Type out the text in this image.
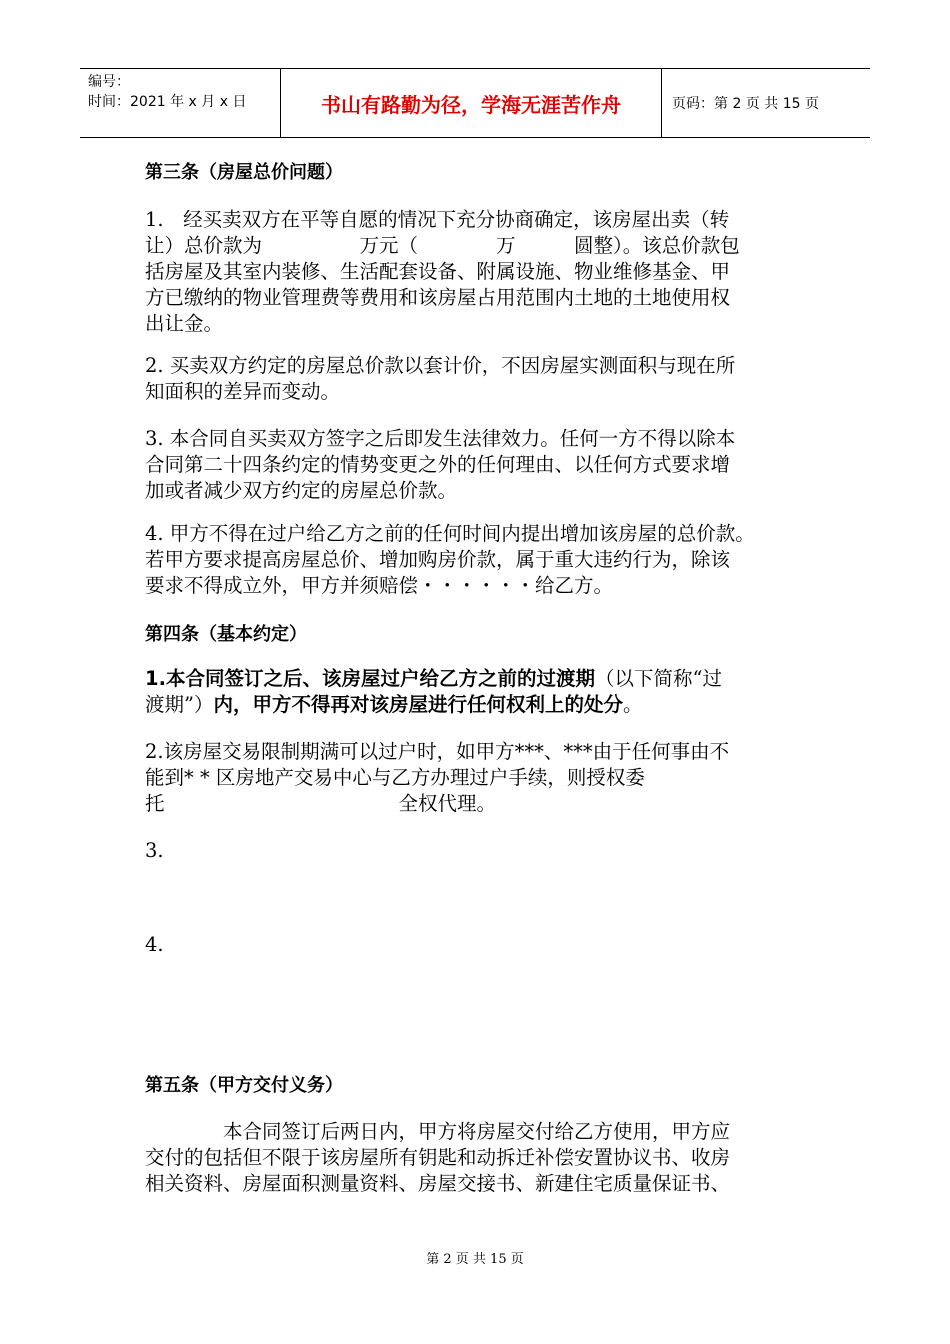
编号：
时间：2021 年 x 月 x 日	书山有路勤为径，学海无涯苦作舟	页码：第 2 页 共 15 页
第三条（房屋总价问题）
1.　经买卖双方在平等自愿的情况下充分协商确定，该房屋出卖（转
让）总价款为　　　　　万元（　　　　万　　　圆整）。该总价款包
括房屋及其室内装修、生活配套设备、附属设施、物业维修基金、甲
方已缴纳的物业管理费等费用和该房屋占用范围内土地的土地使用权
出让金。
2. 买卖双方约定的房屋总价款以套计价，不因房屋实测面积与现在所
知面积的差异而变动。
3. 本合同自买卖双方签字之后即发生法律效力。任何一方不得以除本
合同第二十四条约定的情势变更之外的任何理由、以任何方式要求增
加或者减少双方约定的房屋总价款。
4. 甲方不得在过户给乙方之前的任何时间内提出增加该房屋的总价款。
若甲方要求提高房屋总价、增加购房价款，属于重大违约行为，除该
要求不得成立外，甲方并须赔偿・・・・・・给乙方。
第四条（基本约定）
1.本合同签订之后、该房屋过户给乙方之前的过渡期（以下简称“过
渡期”）内，甲方不得再对该房屋进行任何权利上的处分。
2.该房屋交易限制期满可以过户时，如甲方***、***由于任何事由不
能到* * 区房地产交易中心与乙方办理过户手续，则授权委
托　　　　　　　　　　　　全权代理。
3.
4.
第五条（甲方交付义务）
　　　　本合同签订后两日内，甲方将房屋交付给乙方使用，甲方应
交付的包括但不限于该房屋所有钥匙和动拆迁补偿安置协议书、收房
相关资料、房屋面积测量资料、房屋交接书、新建住宅质量保证书、
第 2 页 共 15 页
